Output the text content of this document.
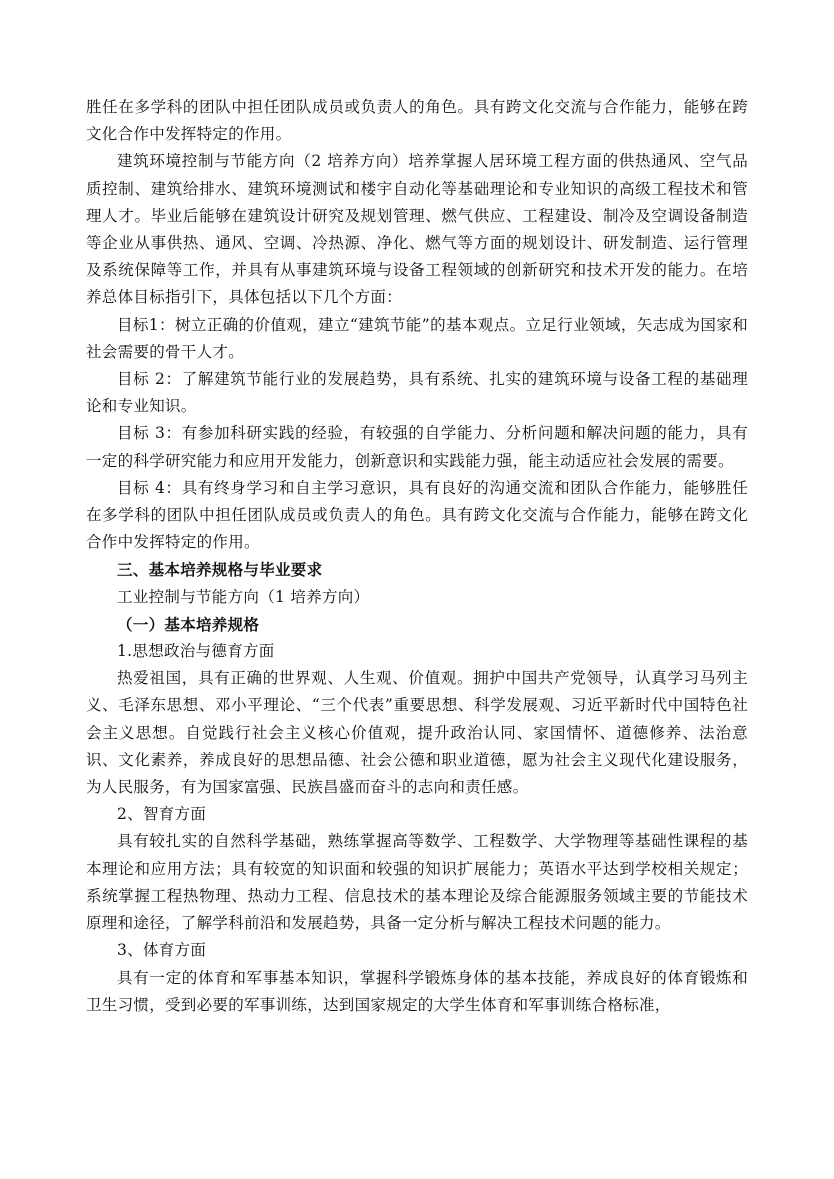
胜任在多学科的团队中担任团队成员或负责人的角色。具有跨文化交流与合作能力，能够在跨文化合作中发挥特定的作用。

建筑环境控制与节能方向（2 培养方向）培养掌握人居环境工程方面的供热通风、空气品质控制、建筑给排水、建筑环境测试和楼宇自动化等基础理论和专业知识的高级工程技术和管理人才。毕业后能够在建筑设计研究及规划管理、燃气供应、工程建设、制冷及空调设备制造等企业从事供热、通风、空调、冷热源、净化、燃气等方面的规划设计、研发制造、运行管理及系统保障等工作，并具有从事建筑环境与设备工程领域的创新研究和技术开发的能力。在培养总体目标指引下，具体包括以下几个方面：

目标1：树立正确的价值观，建立“建筑节能”的基本观点。立足行业领域，矢志成为国家和社会需要的骨干人才。

目标 2：了解建筑节能行业的发展趋势，具有系统、扎实的建筑环境与设备工程的基础理论和专业知识。

目标 3：有参加科研实践的经验，有较强的自学能力、分析问题和解决问题的能力，具有一定的科学研究能力和应用开发能力，创新意识和实践能力强，能主动适应社会发展的需要。

目标 4：具有终身学习和自主学习意识，具有良好的沟通交流和团队合作能力，能够胜任在多学科的团队中担任团队成员或负责人的角色。具有跨文化交流与合作能力，能够在跨文化合作中发挥特定的作用。

三、基本培养规格与毕业要求

工业控制与节能方向（1 培养方向）

（一）基本培养规格

1.思想政治与德育方面

热爱祖国，具有正确的世界观、人生观、价值观。拥护中国共产党领导，认真学习马列主义、毛泽东思想、邓小平理论、“三个代表”重要思想、科学发展观、习近平新时代中国特色社会主义思想。自觉践行社会主义核心价值观，提升政治认同、家国情怀、道德修养、法治意识、文化素养，养成良好的思想品德、社会公德和职业道德，愿为社会主义现代化建设服务，为人民服务，有为国家富强、民族昌盛而奋斗的志向和责任感。

2、智育方面

具有较扎实的自然科学基础，熟练掌握高等数学、工程数学、大学物理等基础性课程的基本理论和应用方法；具有较宽的知识面和较强的知识扩展能力；英语水平达到学校相关规定；系统掌握工程热物理、热动力工程、信息技术的基本理论及综合能源服务领域主要的节能技术原理和途径，了解学科前沿和发展趋势，具备一定分析与解决工程技术问题的能力。

3、体育方面

具有一定的体育和军事基本知识，掌握科学锻炼身体的基本技能，养成良好的体育锻炼和卫生习惯，受到必要的军事训练，达到国家规定的大学生体育和军事训练合格标准，
